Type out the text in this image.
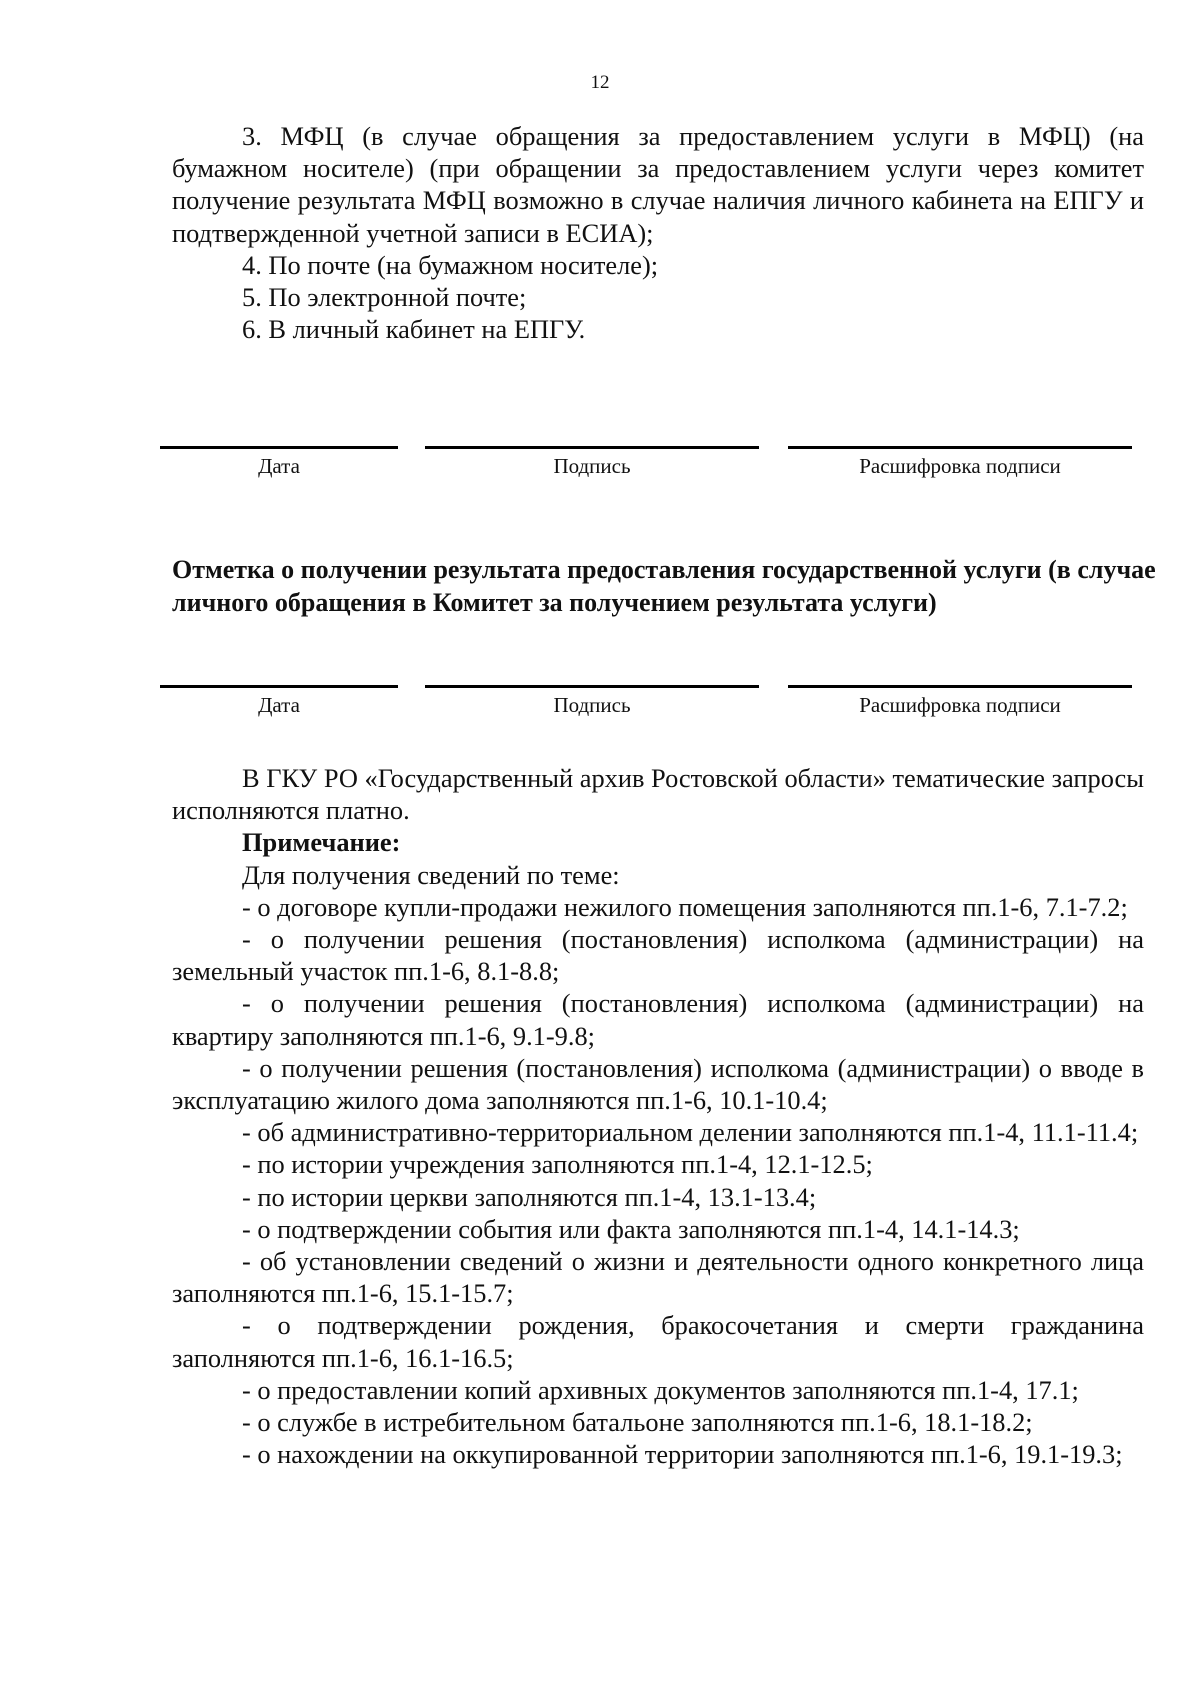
12

3. МФЦ (в случае обращения за предоставлением услуги в МФЦ) (на бумажном носителе) (при обращении за предоставлением услуги через комитет получение результата МФЦ возможно в случае наличия личного кабинета на ЕПГУ и подтвержденной учетной записи в ЕСИА);

4. По почте (на бумажном носителе);

5. По электронной почте;

6. В личный кабинет на ЕПГУ.

Дата	Подпись	Расшифровка подписи

Отметка о получении результата предоставления государственной услуги (в случае личного обращения в Комитет за получением результата услуги)

Дата	Подпись	Расшифровка подписи

В ГКУ РО «Государственный архив Ростовской области» тематические запросы исполняются платно.

Примечание:

Для получения сведений по теме:

- о договоре купли-продажи нежилого помещения заполняются пп.1-6, 7.1-7.2;

- о получении решения (постановления) исполкома (администрации) на земельный участок пп.1-6, 8.1-8.8;

- о получении решения (постановления) исполкома (администрации) на квартиру заполняются пп.1-6, 9.1-9.8;

- о получении решения (постановления) исполкома (администрации) о вводе в эксплуатацию жилого дома заполняются пп.1-6, 10.1-10.4;

- об административно-территориальном делении заполняются пп.1-4, 11.1-11.4;

- по истории учреждения заполняются пп.1-4, 12.1-12.5;

- по истории церкви заполняются пп.1-4, 13.1-13.4;

- о подтверждении события или факта заполняются пп.1-4, 14.1-14.3;

- об установлении сведений о жизни и деятельности одного конкретного лица заполняются пп.1-6, 15.1-15.7;

- о подтверждении рождения, бракосочетания и смерти гражданина заполняются пп.1-6, 16.1-16.5;

- о предоставлении копий архивных документов заполняются пп.1-4, 17.1;

- о службе в истребительном батальоне заполняются пп.1-6, 18.1-18.2;

- о нахождении на оккупированной территории заполняются пп.1-6, 19.1-19.3;
